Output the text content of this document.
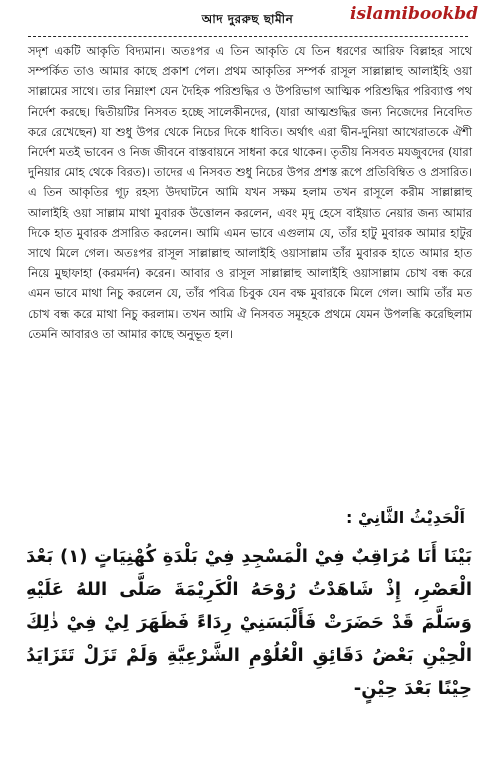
আদ দুররুছ ছামীন	islamibookbd

সদৃশ একটি আকৃতি বিদ্যমান। অতঃপর এ তিন আকৃতি যে তিন ধরণের আরিফ বিল্লাহর সাথে সম্পর্কিত তাও আমার কাছে প্রকাশ পেল। প্রথম আকৃতির সম্পর্ক রাসূল সাল্লাল্লাহু আলাইহি ওয়া সাল্লামের সাথে। তার নিম্নাংশ যেন দৈহিক পরিশুদ্ধির ও উপরিভাগ আত্মিক পরিশুদ্ধির পরিব্যাপ্ত পথ নির্দেশ করছে। দ্বিতীয়টির নিসবত হচ্ছে সালেকীনদের, (যারা আত্মশুদ্ধির জন্য নিজেদের নিবেদিত করে রেখেছেন) যা শুধু উপর থেকে নিচের দিকে ধাবিত। অর্থাৎ এরা দ্বীন-দুনিয়া আখেরাতকে ঐশী নির্দেশ মতই ভাবেন ও নিজ জীবনে বাস্তবায়নে সাধনা করে থাকেন। তৃতীয় নিসবত মযজুবদের (যারা দুনিয়ার মোহ থেকে বিরত)। তাদের এ নিসবত শুধু নিচের উপর প্রশস্ত রূপে প্রতিবিম্বিত ও প্রসারিত। এ তিন আকৃতির গূঢ় রহস্য উদঘাটনে আমি যখন সক্ষম হলাম তখন রাসূলে করীম সাল্লাল্লাহু আলাইহি ওয়া সাল্লাম মাথা মুবারক উত্তোলন করলেন, এবং মৃদু হেসে বাইয়াত নেয়ার জন্য আমার দিকে হাত মুবারক প্রসারিত করলেন। আমি এমন ভাবে এগুলাম যে, তাঁর হাটু মুবারক আমার হাটুর সাথে মিলে গেল। অতঃপর রাসূল সাল্লাল্লাহু আলাইহি ওয়াসাল্লাম তাঁর মুবারক হাতে আমার হাত নিয়ে মুছাফাহা (করমর্দন) করেন। আবার ও রাসূল সাল্লাল্লাহু আলাইহি ওয়াসাল্লাম চোখ বন্ধ করে এমন ভাবে মাথা নিচু করলেন যে, তাঁর পবিত্র চিবুক যেন বক্ষ মুবারকে মিলে গেল। আমি তাঁর মত চোখ বন্ধ করে মাথা নিচু করলাম। তখন আমি ঐ নিসবত সমূহকে প্রথমে যেমন উপলব্ধি করেছিলাম তেমনি আবারও তা আমার কাছে অনুভূত হল।

اَلْحَدِيْثُ الثَّانِيْ :
بَيْنَا أَنَا مُرَاقِبٌ فِيْ الْمَسْجِدِ فِيْ بَلْدَةِ كُهْنِيَاتٍ (١) بَعْدَ الْعَصْرِ، إِذْ شَاهَدْتُ رُوْحَهُ الْكَرِيْمَةَ صَلَّى اللهُ عَلَيْهِ وَسَلَّمَ قَدْ حَضَرَتْ فَأَلْبَسَنِيْ رِدَاءً فَظَهَرَ لِيْ فِيْ ذٰلِكَ الْحِيْنِ بَعْضُ دَقَائِقِ الْعُلُوْمِ الشَّرْعِيَّةِ وَلَمْ تَزَلْ تَتَزَايَدُ حِيْنًا بَعْدَ حِيْنٍ-
